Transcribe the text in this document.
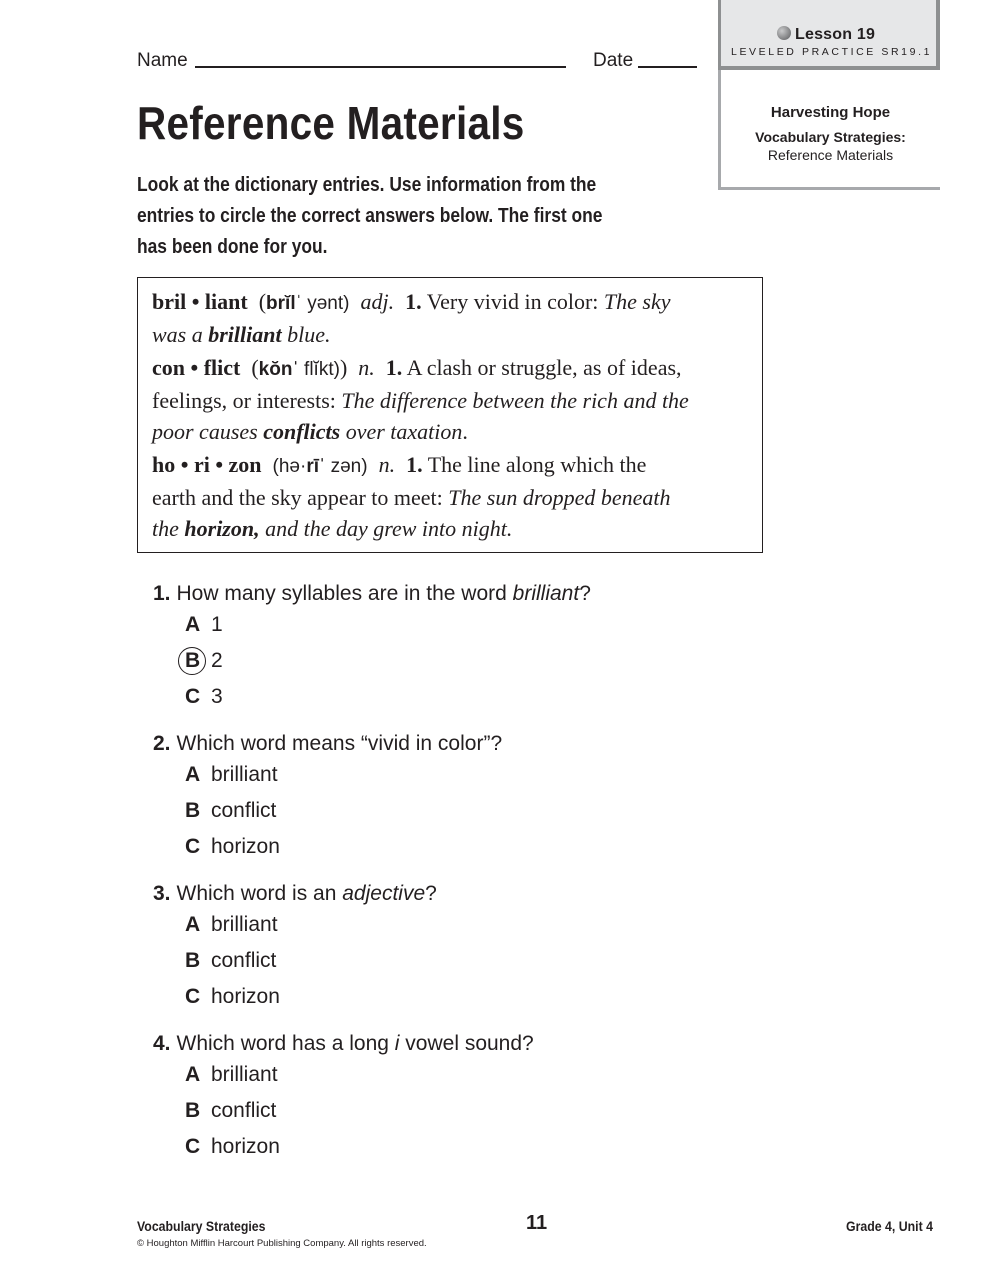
Lesson 19
LEVELED PRACTICE SR19.1
Harvesting Hope
Vocabulary Strategies:
Reference Materials
Name	Date
Reference Materials
Look at the dictionary entries. Use information from the
entries to circle the correct answers below. The first one
has been done for you.
bril • liant (brĭlˈ yənt) adj. 1. Very vivid in color: The sky
was a brilliant blue.
con • flict (kŏnˈ flĭkt)) n. 1. A clash or struggle, as of ideas,
feelings, or interests: The difference between the rich and the
poor causes conflicts over taxation.
ho • ri • zon (hə·rīˈ zən) n. 1. The line along which the
earth and the sky appear to meet: The sun dropped beneath
the horizon, and the day grew into night.
1. How many syllables are in the word brilliant?
A 1
B 2
C 3
2. Which word means “vivid in color”?
A brilliant
B conflict
C horizon
3. Which word is an adjective?
A brilliant
B conflict
C horizon
4. Which word has a long i vowel sound?
A brilliant
B conflict
C horizon
Vocabulary Strategies
© Houghton Mifflin Harcourt Publishing Company. All rights reserved.
11	Grade 4, Unit 4
